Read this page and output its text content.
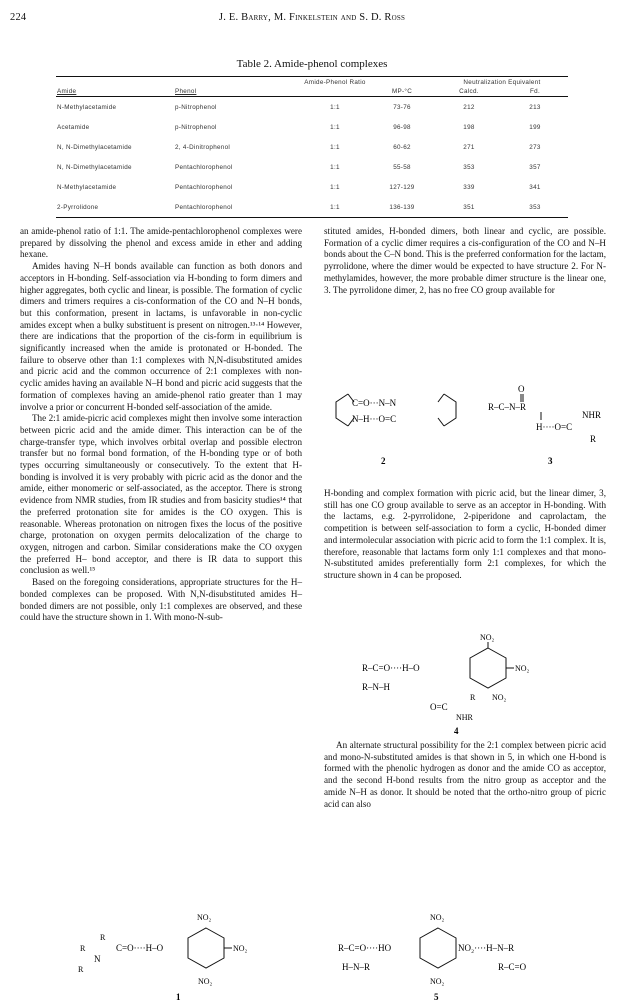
224	J. E. Barry, M. Finkelstein and S. D. Ross
Table 2. Amide-phenol complexes
		Amide-Phenol Ratio		Neutralization Equivalent	
Amide	Phenol		MP-°C	Calcd.	Fd.
N-Methylacetamide	p-Nitrophenol	1:1	73-76	212	213
Acetamide	p-Nitrophenol	1:1	96-98	198	199
N, N-Dimethylacetamide	2, 4-Dinitrophenol	1:1	60-62	271	273
N, N-Dimethylacetamide	Pentachlorophenol	1:1	55-58	353	357
N-Methylacetamide	Pentachlorophenol	1:1	127-129	339	341
2-Pyrrolidone	Pentachlorophenol	1:1	136-139	351	353

an amide-phenol ratio of 1:1. The amide-pentachlorophenol complexes were prepared by dissolving the phenol and excess amide in ether and adding hexane.

Amides having N–H bonds available can function as both donors and acceptors in H-bonding. Self-association via H-bonding to form dimers and higher aggregates, both cyclic and linear, is possible. The formation of cyclic dimers and trimers requires a cis-conformation of the CO and N–H bonds, but this conformation, present in lactams, is unfavorable in non-cyclic amides except when a bulky substituent is present on nitrogen.¹³·¹⁴ However, there are indications that the proportion of the cis-form in equilibrium is significantly increased when the amide is protonated or H-bonded. The failure to observe other than 1:1 complexes with N,N-disubstituted amides and picric acid and the common occurrence of 2:1 complexes with non-cyclic amides having an available N–H bond and picric acid suggests that the formation of complexes having an amide-phenol ratio greater than 1 may involve a prior or concurrent H-bonded self-association of the amide.

The 2:1 amide-picric acid complexes might then involve some interaction between picric acid and the amide dimer. This interaction can be of the charge-transfer type, which involves orbital overlap and possible electron transfer but no formal bond formation, of the H-bonding type or of both types occurring simultaneously or consecutively. To the extent that H-bonding is involved it is very probably with picric acid as the donor and the amide, either monomeric or self-associated, as the acceptor. There is strong evidence from NMR studies, from IR studies and from basicity studies¹⁴ that the preferred protonation site for amides is the CO oxygen. This is reasonable. Whereas protonation on nitrogen fixes the locus of the positive charge, protonation on oxygen permits delocalization of the charge to oxygen, nitrogen and carbon. Similar considerations make the CO oxygen the preferred H– bond acceptor, and there is IR data to support this conclusion as well.¹⁵

Based on the foregoing considerations, appropriate structures for the H– bonded complexes can be proposed. With N,N-disubstituted amides H–bonded dimers are not possible, only 1:1 complexes are observed, and these could have the structure shown in 1. With mono-N-sub-

stituted amides, H-bonded dimers, both linear and cyclic, are possible. Formation of a cyclic dimer requires a cis-configuration of the CO and N–H bonds about the C–N bond. This is the preferred conformation for the lactam, pyrrolidone, where the dimer would be expected to have structure 2. For N-methylamides, however, the more probable dimer structure is the linear one, 3. The pyrrolidone dimer, 2, has no free CO group available for

H-bonding and complex formation with picric acid, but the linear dimer, 3, still has one CO group available to serve as an acceptor in H-bonding. With the lactams, e.g. 2-pyrrolidone, 2-piperidone and caprolactam, the competition is between self-association to form a cyclic, H-bonded dimer and intermolecular association with picric acid to form the 1:1 complex. It is, therefore, reasonable that lactams form only 1:1 complexes and that mono-N-substituted amides preferentially form 2:1 complexes, for which the structure shown in 4 can be proposed.

An alternate structural possibility for the 2:1 complex between picric acid and mono-N-substituted amides is that shown in 5, in which one H-bond is formed with the phenolic hydrogen as donor and the amide CO as acceptor, and the second H-bond results from the nitro group as acceptor and the amide N–H as donor. It should be noted that the ortho-nitro group of picric acid can also

C=O···N–N
N–H···O=C
2
O
R–C–N–R
NHR
H····O=C
R
3
NO₂
NO₂
R–C=O····H–O
R–N–H
R NO₂
O=C
NHR
4
NO₂
NO₂
NO₂
R
R
R
N
C=O····H–O
1
NO₂
R–C=O····HO
H–N–R
NO₂····H–N–R
R–C=O
NO₂
5
